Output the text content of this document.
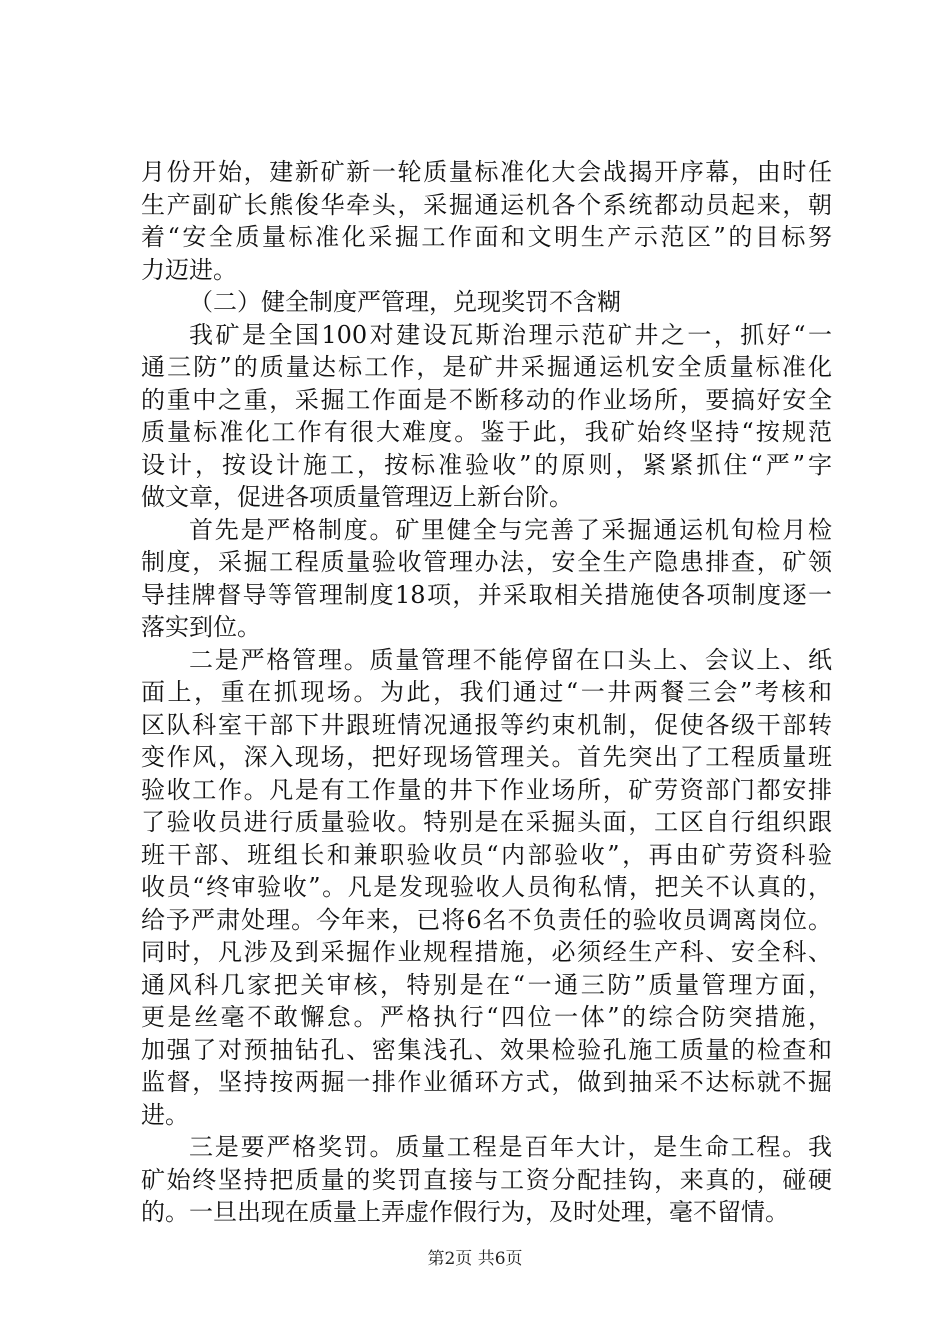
月份开始，建新矿新一轮质量标准化大会战揭开序幕，由时任
生产副矿长熊俊华牵头，采掘通运机各个系统都动员起来，朝
着“安全质量标准化采掘工作面和文明生产示范区”的目标努
力迈进。
（二）健全制度严管理，兑现奖罚不含糊
我矿是全国100对建设瓦斯治理示范矿井之一，抓好“一
通三防”的质量达标工作，是矿井采掘通运机安全质量标准化
的重中之重，采掘工作面是不断移动的作业场所，要搞好安全
质量标准化工作有很大难度。鉴于此，我矿始终坚持“按规范
设计，按设计施工，按标准验收”的原则，紧紧抓住“严”字
做文章，促进各项质量管理迈上新台阶。
首先是严格制度。矿里健全与完善了采掘通运机旬检月检
制度，采掘工程质量验收管理办法，安全生产隐患排查，矿领
导挂牌督导等管理制度18项，并采取相关措施使各项制度逐一
落实到位。
二是严格管理。质量管理不能停留在口头上、会议上、纸
面上，重在抓现场。为此，我们通过“一井两餐三会”考核和
区队科室干部下井跟班情况通报等约束机制，促使各级干部转
变作风，深入现场，把好现场管理关。首先突出了工程质量班
验收工作。凡是有工作量的井下作业场所，矿劳资部门都安排
了验收员进行质量验收。特别是在采掘头面，工区自行组织跟
班干部、班组长和兼职验收员“内部验收”，再由矿劳资科验
收员“终审验收”。凡是发现验收人员徇私情，把关不认真的，
给予严肃处理。今年来，已将6名不负责任的验收员调离岗位。
同时，凡涉及到采掘作业规程措施，必须经生产科、安全科、
通风科几家把关审核，特别是在“一通三防”质量管理方面，
更是丝毫不敢懈怠。严格执行“四位一体”的综合防突措施，
加强了对预抽钻孔、密集浅孔、效果检验孔施工质量的检查和
监督，坚持按两掘一排作业循环方式，做到抽采不达标就不掘
进。
三是要严格奖罚。质量工程是百年大计，是生命工程。我
矿始终坚持把质量的奖罚直接与工资分配挂钩，来真的，碰硬
的。一旦出现在质量上弄虚作假行为，及时处理，毫不留情。
第2页 共6页
